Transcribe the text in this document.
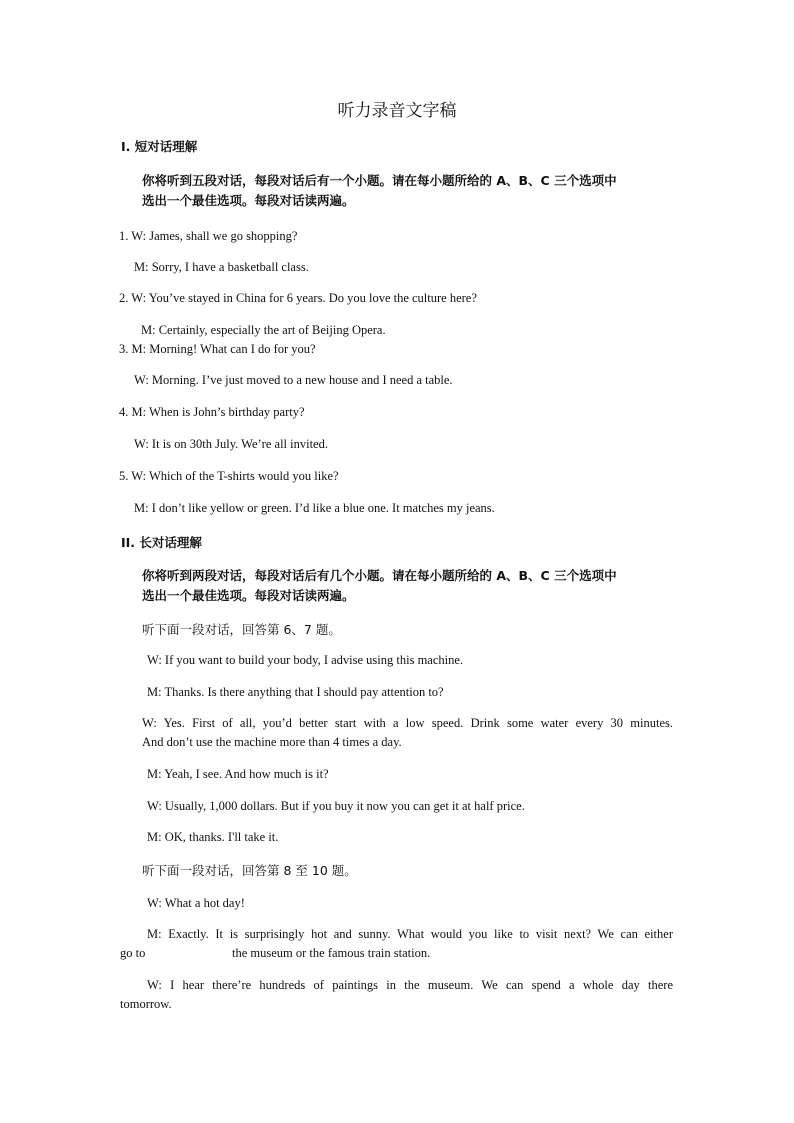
听力录音文字稿
I. 短对话理解
你将听到五段对话，每段对话后有一个小题。请在每小题所给的 A、B、C 三个选项中
选出一个最佳选项。每段对话读两遍。
1. W: James, shall we go shopping?
M: Sorry, I have a basketball class.
2. W: You’ve stayed in China for 6 years. Do you love the culture here?
M: Certainly, especially the art of Beijing Opera.
3. M: Morning! What can I do for you?
W: Morning. I’ve just moved to a new house and I need a table.
4. M: When is John’s birthday party?
W: It is on 30th July. We’re all invited.
5. W: Which of the T-shirts would you like?
M: I don’t like yellow or green. I’d like a blue one. It matches my jeans.
II. 长对话理解
你将听到两段对话，每段对话后有几个小题。请在每小题所给的 A、B、C 三个选项中
选出一个最佳选项。每段对话读两遍。
听下面一段对话，回答第 6、7 题。
W: If you want to build your body, I advise using this machine.
M: Thanks. Is there anything that I should pay attention to?
W: Yes. First of all, you’d better start with a low speed. Drink some water every 30 minutes.
And don’t use the machine more than 4 times a day.
M: Yeah, I see. And how much is it?
W: Usually, 1,000 dollars. But if you buy it now you can get it at half price.
M: OK, thanks. I'll take it.
听下面一段对话，回答第 8 至 10 题。
W: What a hot day!
M: Exactly. It is surprisingly hot and sunny. What would you like to visit next? We can either
go to	the museum or the famous train station.
W: I hear there’re hundreds of paintings in the museum. We can spend a whole day there
tomorrow.
